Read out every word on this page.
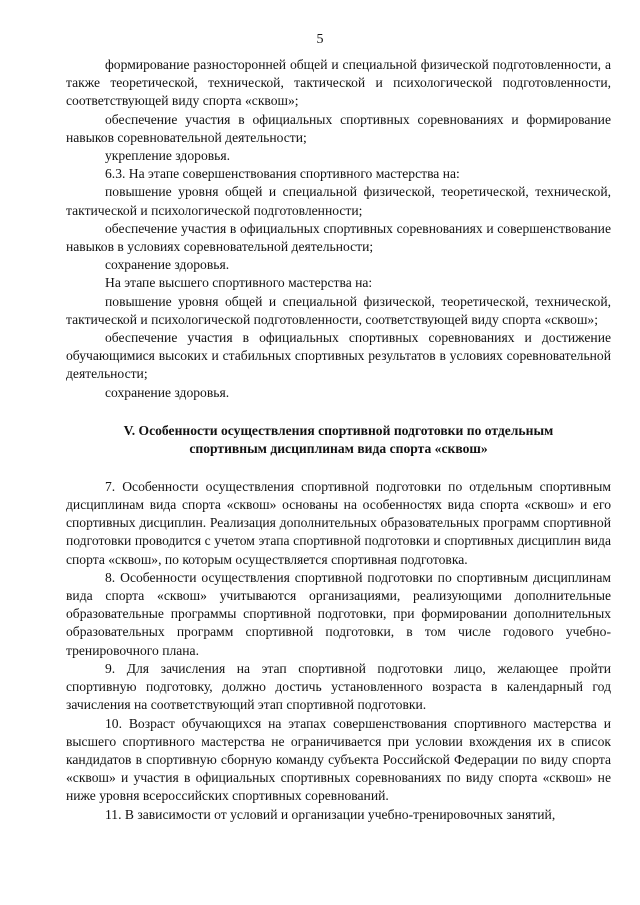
5

формирование разносторонней общей и специальной физической подготовленности, а также теоретической, технической, тактической и психологической подготовленности, соответствующей виду спорта «сквош»;

обеспечение участия в официальных спортивных соревнованиях и формирование навыков соревновательной деятельности;

укрепление здоровья.

6.3. На этапе совершенствования спортивного мастерства на:

повышение уровня общей и специальной физической, теоретической, технической, тактической и психологической подготовленности;

обеспечение участия в официальных спортивных соревнованиях и совершенствование навыков в условиях соревновательной деятельности;

сохранение здоровья.

На этапе высшего спортивного мастерства на:

повышение уровня общей и специальной физической, теоретической, технической, тактической и психологической подготовленности, соответствующей виду спорта «сквош»;

обеспечение участия в официальных спортивных соревнованиях и достижение обучающимися высоких и стабильных спортивных результатов в условиях соревновательной деятельности;

сохранение здоровья.

V. Особенности осуществления спортивной подготовки по отдельным спортивным дисциплинам вида спорта «сквош»

7. Особенности осуществления спортивной подготовки по отдельным спортивным дисциплинам вида спорта «сквош» основаны на особенностях вида спорта «сквош» и его спортивных дисциплин. Реализация дополнительных образовательных программ спортивной подготовки проводится с учетом этапа спортивной подготовки и спортивных дисциплин вида спорта «сквош», по которым осуществляется спортивная подготовка.

8. Особенности осуществления спортивной подготовки по спортивным дисциплинам вида спорта «сквош» учитываются организациями, реализующими дополнительные образовательные программы спортивной подготовки, при формировании дополнительных образовательных программ спортивной подготовки, в том числе годового учебно-тренировочного плана.

9. Для зачисления на этап спортивной подготовки лицо, желающее пройти спортивную подготовку, должно достичь установленного возраста в календарный год зачисления на соответствующий этап спортивной подготовки.

10. Возраст обучающихся на этапах совершенствования спортивного мастерства и высшего спортивного мастерства не ограничивается при условии вхождения их в список кандидатов в спортивную сборную команду субъекта Российской Федерации по виду спорта «сквош» и участия в официальных спортивных соревнованиях по виду спорта «сквош» не ниже уровня всероссийских спортивных соревнований.

11. В зависимости от условий и организации учебно-тренировочных занятий,
